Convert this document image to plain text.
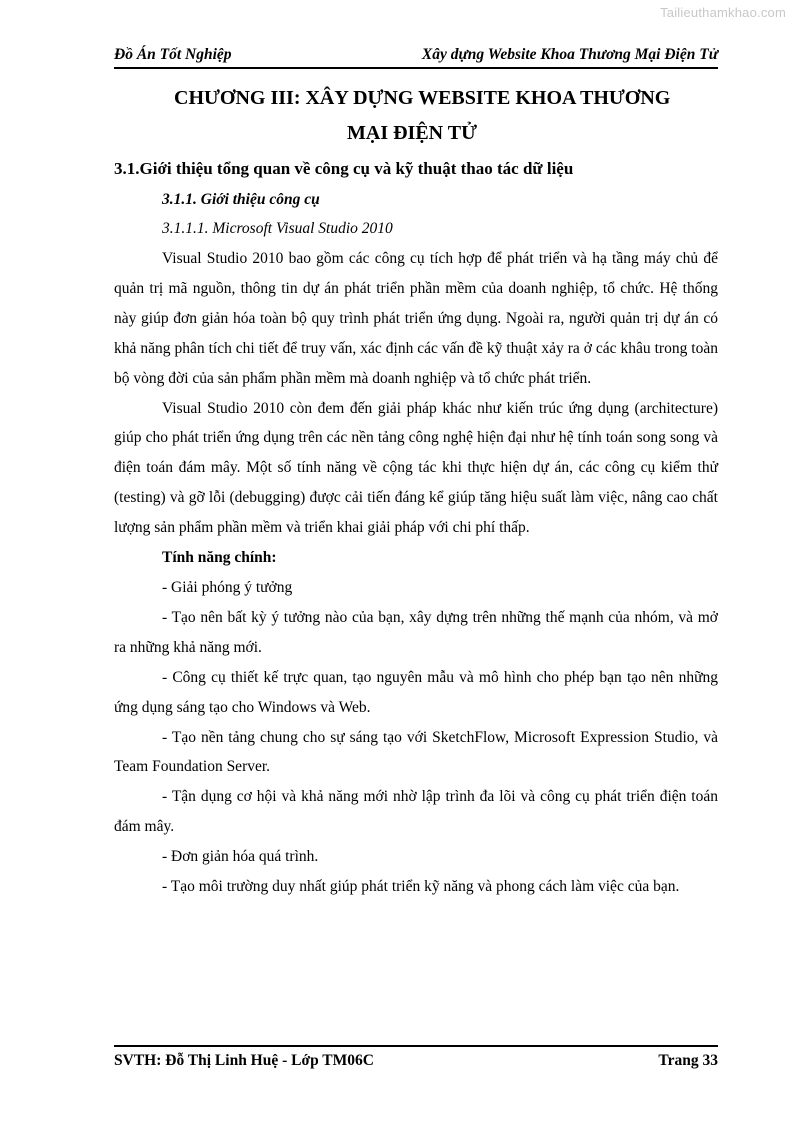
Tailieuthamkhao.com
Đồ Án Tốt Nghiệp	Xây dựng Website Khoa Thương Mại Điện Tử
CHƯƠNG III: XÂY DỰNG WEBSITE KHOA THƯƠNG
MẠI ĐIỆN TỬ
3.1.Giới thiệu tổng quan về công cụ và kỹ thuật thao tác dữ liệu
3.1.1. Giới thiệu công cụ
3.1.1.1. Microsoft Visual Studio 2010

Visual Studio 2010 bao gồm các công cụ tích hợp để phát triển và hạ tầng máy chủ để quản trị mã nguồn, thông tin dự án phát triển phần mềm của doanh nghiệp, tổ chức. Hệ thống này giúp đơn giản hóa toàn bộ quy trình phát triển ứng dụng. Ngoài ra, người quản trị dự án có khả năng phân tích chi tiết để truy vấn, xác định các vấn đề kỹ thuật xảy ra ở các khâu trong toàn bộ vòng đời của sản phẩm phần mềm mà doanh nghiệp và tổ chức phát triển.

Visual Studio 2010 còn đem đến giải pháp khác như kiến trúc ứng dụng (architecture) giúp cho phát triển ứng dụng trên các nền tảng công nghệ hiện đại như hệ tính toán song song và điện toán đám mây. Một số tính năng về cộng tác khi thực hiện dự án, các công cụ kiểm thử (testing) và gỡ lỗi (debugging) được cải tiến đáng kể giúp tăng hiệu suất làm việc, nâng cao chất lượng sản phẩm phần mềm và triển khai giải pháp với chi phí thấp.

Tính năng chính:

- Giải phóng ý tưởng

- Tạo nên bất kỳ ý tưởng nào của bạn, xây dựng trên những thế mạnh của nhóm, và mở ra những khả năng mới.

- Công cụ thiết kế trực quan, tạo nguyên mẫu và mô hình cho phép bạn tạo nên những ứng dụng sáng tạo cho Windows và Web.

- Tạo nền tảng chung cho sự sáng tạo với SketchFlow, Microsoft Expression Studio, và Team Foundation Server.

- Tận dụng cơ hội và khả năng mới nhờ lập trình đa lõi và công cụ phát triển điện toán đám mây.

- Đơn giản hóa quá trình.

- Tạo môi trường duy nhất giúp phát triển kỹ năng và phong cách làm việc của bạn.

SVTH: Đỗ Thị Linh Huệ - Lớp TM06C	Trang 33
